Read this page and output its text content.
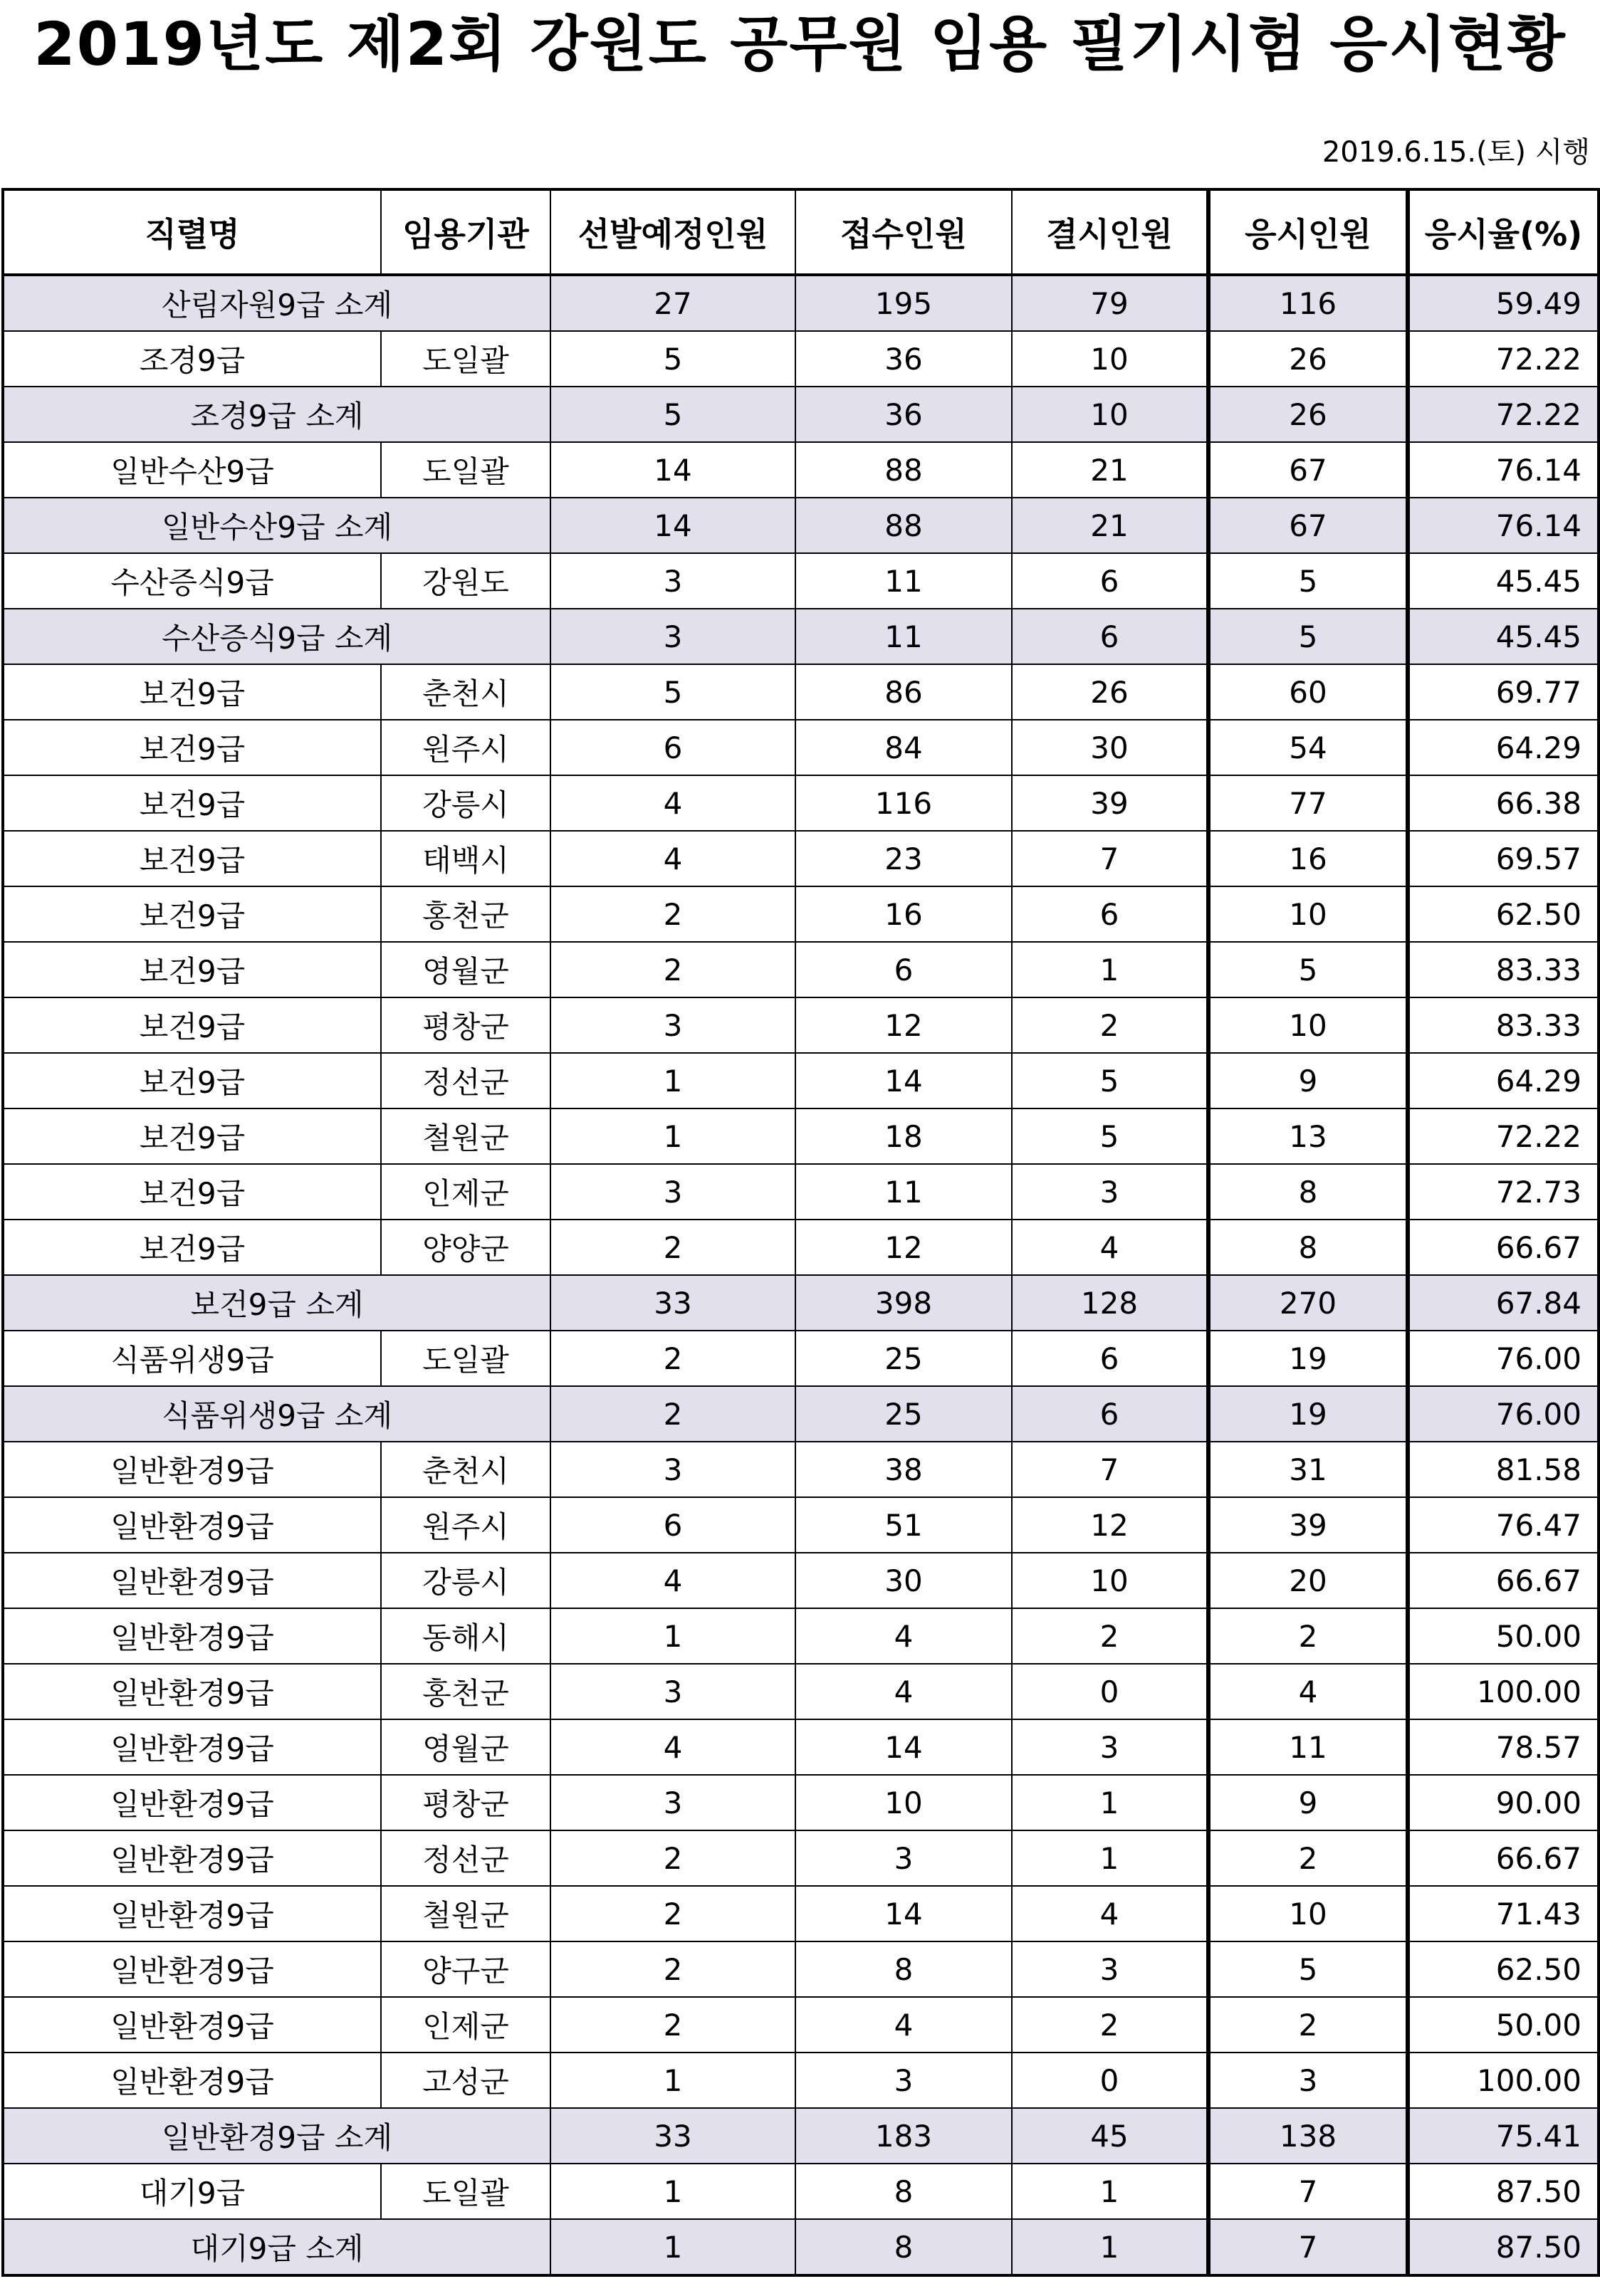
2019년도 제2회 강원도 공무원 임용 필기시험 응시현황
2019.6.15.(토) 시행
직렬명	임용기관	선발예정인원	접수인원	결시인원	응시인원	응시율(%)
산림자원9급 소계		27	195	79	116	59.49
조경9급	도일괄	5	36	10	26	72.22
조경9급 소계		5	36	10	26	72.22
일반수산9급	도일괄	14	88	21	67	76.14
일반수산9급 소계		14	88	21	67	76.14
수산증식9급	강원도	3	11	6	5	45.45
수산증식9급 소계		3	11	6	5	45.45
보건9급	춘천시	5	86	26	60	69.77
보건9급	원주시	6	84	30	54	64.29
보건9급	강릉시	4	116	39	77	66.38
보건9급	태백시	4	23	7	16	69.57
보건9급	홍천군	2	16	6	10	62.50
보건9급	영월군	2	6	1	5	83.33
보건9급	평창군	3	12	2	10	83.33
보건9급	정선군	1	14	5	9	64.29
보건9급	철원군	1	18	5	13	72.22
보건9급	인제군	3	11	3	8	72.73
보건9급	양양군	2	12	4	8	66.67
보건9급 소계		33	398	128	270	67.84
식품위생9급	도일괄	2	25	6	19	76.00
식품위생9급 소계		2	25	6	19	76.00
일반환경9급	춘천시	3	38	7	31	81.58
일반환경9급	원주시	6	51	12	39	76.47
일반환경9급	강릉시	4	30	10	20	66.67
일반환경9급	동해시	1	4	2	2	50.00
일반환경9급	홍천군	3	4	0	4	100.00
일반환경9급	영월군	4	14	3	11	78.57
일반환경9급	평창군	3	10	1	9	90.00
일반환경9급	정선군	2	3	1	2	66.67
일반환경9급	철원군	2	14	4	10	71.43
일반환경9급	양구군	2	8	3	5	62.50
일반환경9급	인제군	2	4	2	2	50.00
일반환경9급	고성군	1	3	0	3	100.00
일반환경9급 소계		33	183	45	138	75.41
대기9급	도일괄	1	8	1	7	87.50
대기9급 소계		1	8	1	7	87.50
